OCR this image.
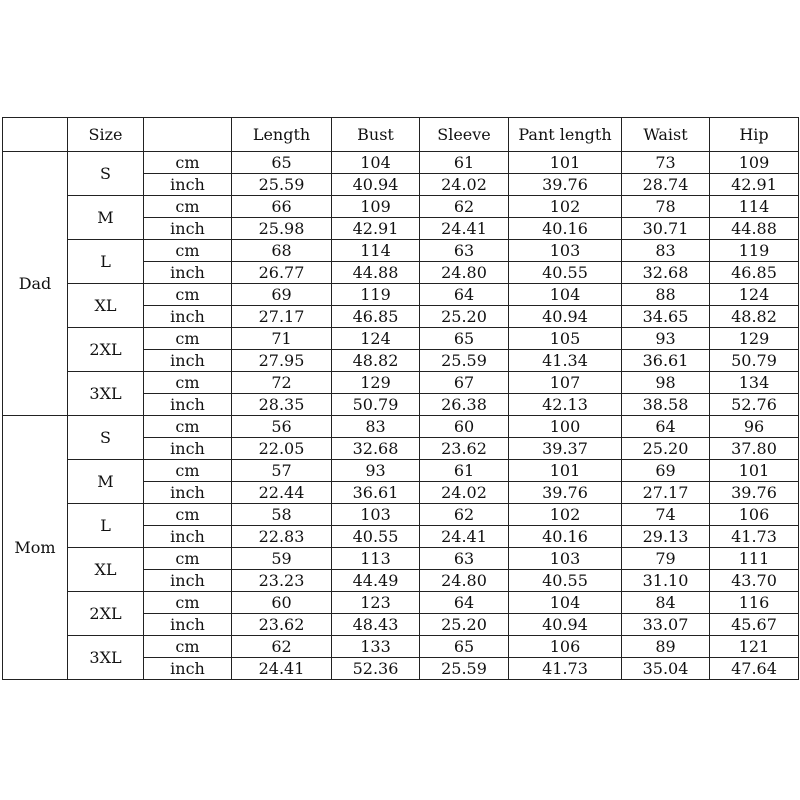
	Size		Length	Bust	Sleeve	Pant length	Waist	Hip
Dad	S	cm	65	104	61	101	73	109
		inch	25.59	40.94	24.02	39.76	28.74	42.91
	M	cm	66	109	62	102	78	114
		inch	25.98	42.91	24.41	40.16	30.71	44.88
	L	cm	68	114	63	103	83	119
		inch	26.77	44.88	24.80	40.55	32.68	46.85
	XL	cm	69	119	64	104	88	124
		inch	27.17	46.85	25.20	40.94	34.65	48.82
	2XL	cm	71	124	65	105	93	129
		inch	27.95	48.82	25.59	41.34	36.61	50.79
	3XL	cm	72	129	67	107	98	134
		inch	28.35	50.79	26.38	42.13	38.58	52.76
Mom	S	cm	56	83	60	100	64	96
		inch	22.05	32.68	23.62	39.37	25.20	37.80
	M	cm	57	93	61	101	69	101
		inch	22.44	36.61	24.02	39.76	27.17	39.76
	L	cm	58	103	62	102	74	106
		inch	22.83	40.55	24.41	40.16	29.13	41.73
	XL	cm	59	113	63	103	79	111
		inch	23.23	44.49	24.80	40.55	31.10	43.70
	2XL	cm	60	123	64	104	84	116
		inch	23.62	48.43	25.20	40.94	33.07	45.67
	3XL	cm	62	133	65	106	89	121
		inch	24.41	52.36	25.59	41.73	35.04	47.64
